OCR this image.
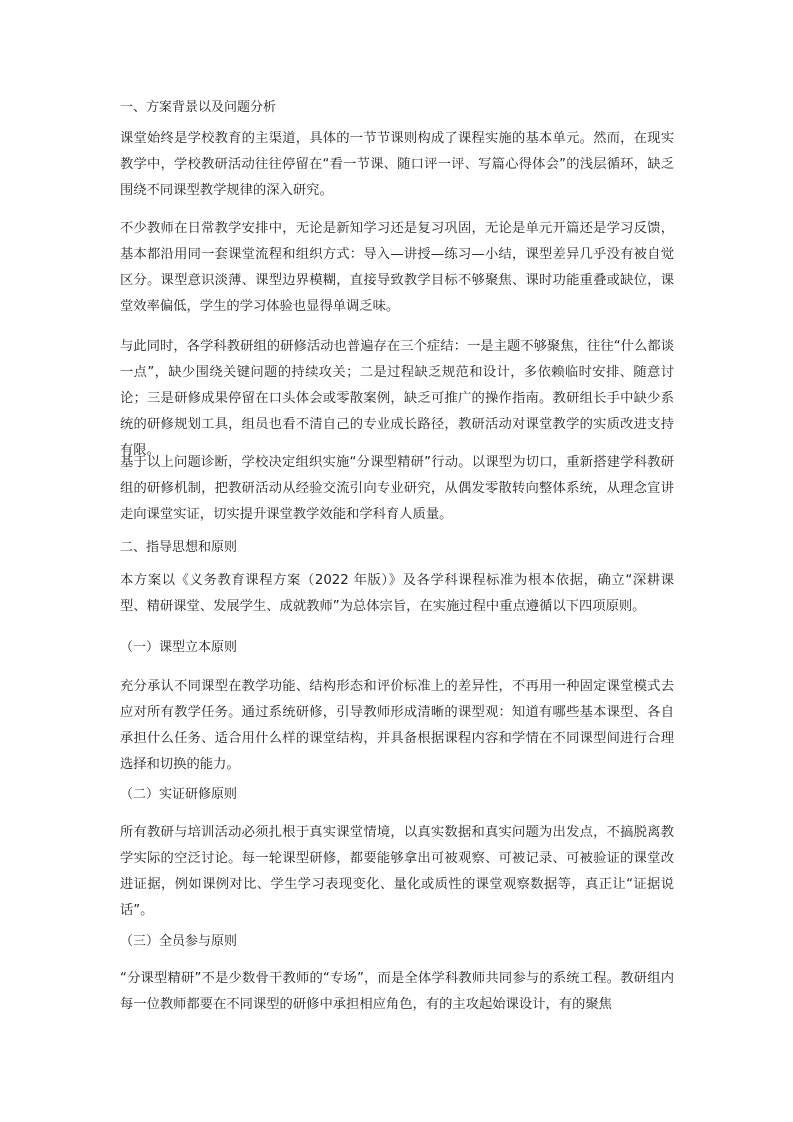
一、方案背景以及问题分析
课堂始终是学校教育的主渠道，具体的一节节课则构成了课程实施的基本单元。然而，在现实教学中，学校教研活动往往停留在“看一节课、随口评一评、写篇心得体会”的浅层循环，缺乏围绕不同课型教学规律的深入研究。
不少教师在日常教学安排中，无论是新知学习还是复习巩固，无论是单元开篇还是学习反馈，基本都沿用同一套课堂流程和组织方式：导入—讲授—练习—小结，课型差异几乎没有被自觉区分。课型意识淡薄、课型边界模糊，直接导致教学目标不够聚焦、课时功能重叠或缺位，课堂效率偏低，学生的学习体验也显得单调乏味。
与此同时，各学科教研组的研修活动也普遍存在三个症结：一是主题不够聚焦，往往“什么都谈一点”，缺少围绕关键问题的持续攻关；二是过程缺乏规范和设计，多依赖临时安排、随意讨论；三是研修成果停留在口头体会或零散案例，缺乏可推广的操作指南。教研组长手中缺少系统的研修规划工具，组员也看不清自己的专业成长路径，教研活动对课堂教学的实质改进支持有限。
基于以上问题诊断，学校决定组织实施“分课型精研”行动。以课型为切口，重新搭建学科教研组的研修机制，把教研活动从经验交流引向专业研究，从偶发零散转向整体系统，从理念宣讲走向课堂实证，切实提升课堂教学效能和学科育人质量。
二、指导思想和原则
本方案以《义务教育课程方案（2022 年版）》及各学科课程标准为根本依据，确立“深耕课型、精研课堂、发展学生、成就教师”为总体宗旨，在实施过程中重点遵循以下四项原则。
（一）课型立本原则
充分承认不同课型在教学功能、结构形态和评价标准上的差异性，不再用一种固定课堂模式去应对所有教学任务。通过系统研修，引导教师形成清晰的课型观：知道有哪些基本课型、各自承担什么任务、适合用什么样的课堂结构，并具备根据课程内容和学情在不同课型间进行合理选择和切换的能力。
（二）实证研修原则
所有教研与培训活动必须扎根于真实课堂情境，以真实数据和真实问题为出发点，不搞脱离教学实际的空泛讨论。每一轮课型研修，都要能够拿出可被观察、可被记录、可被验证的课堂改进证据，例如课例对比、学生学习表现变化、量化或质性的课堂观察数据等，真正让“证据说话”。
（三）全员参与原则
“分课型精研”不是少数骨干教师的“专场”，而是全体学科教师共同参与的系统工程。教研组内每一位教师都要在不同课型的研修中承担相应角色，有的主攻起始课设计，有的聚焦
